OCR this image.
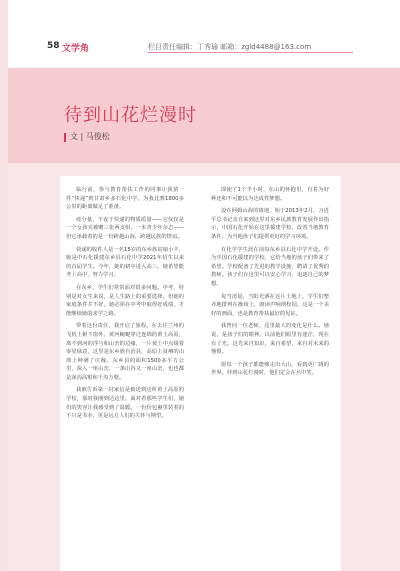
58 文学角	栏目责任编辑：丁秀瑜 邮箱：zgld4488@163.com
待到山花烂漫时
文 | 马俊松

临行前，参与教育帮扶工作的同事让我猜一件“快递”到甘肃乡多石化中学。为我比赛1800多公里的距离做足了准备。

疫分量，不夜于快递的物质质量——它仅仅是一个女孩夹被赠三张两支组，一本青少年杂志——但它承载着的是一份跨越山海，跨越民族的情谊。

快递的收件人是一名15岁的东乡族姑娘小丰，她是中石化援建东乡县石化中学2021年招生以来的首届学生。今年，她的初中进入高三。她希望能考上高中，努力学习。

在东乡，学生们常常面对很多问题。中考，特别是对女生来说，是人生路上的重要选择。但她的家庭条件并不好，她必须在中考中取得好成绩，才能继续她的求学之路。

带着这份责任，我开启了旅程。在去往兰州的飞机上俯下窗外，黄河蜿蜒穿过连绵的黄土高原，离不到河的浮与和山峦的边缘，一片黄土中点缀着零星绿意，这里是东乡族自治县，高原上贫瘠的山坡上种满了庄稼。东乡县的面积1500多平方公里，深入一座山峦，一条山谷又一座山峦，也也都是深沟高壑和千沟万壑。

我被告诉第一封家信是被送到这所黄土高原的学校，那时我刚到达这里。面对着那些学生们，她们的笑容让我感受到了温暖。一份份包裹里装着的不只是书本，更是远方人们的关怀与期望。

即使了1个半小时，在山的怀抱里，有着为好种还和不可能以为达成性梦想。

设在阿姆山海的镇地，始于2013年2月，习近平总书记亲自来到这里对东乡民族教育发展作出指示，中国石化开始在这里援建学校，改善当地教育条件，为当地孩子们提供更好的学习环境。

在化学学生涯在前每东乡县石化中学开设。作为中国石化援建的学校，它给当地的孩子们带来了希望。学校配备了先进的教学设施，聘请了优秀的教师。孩子们在这里可以安心学习，追逐自己的梦想。

每当清晨，当阳光洒在这片土地上，学生们整齐地排列在操场上，朗读声响彻校园。这是一个美好的画面，也是教育帮扶最好的见证。

我曾问一位老师，这里最大的变化是什么。她说，是孩子们的眼神。以前他们眼里有迷茫，现在有了光。这光来自知识，来自希望，来自对未来的憧憬。

愿每一个孩子都能够走出大山，看到更广阔的世界。待到山花烂漫时，他们定会在丛中笑。
